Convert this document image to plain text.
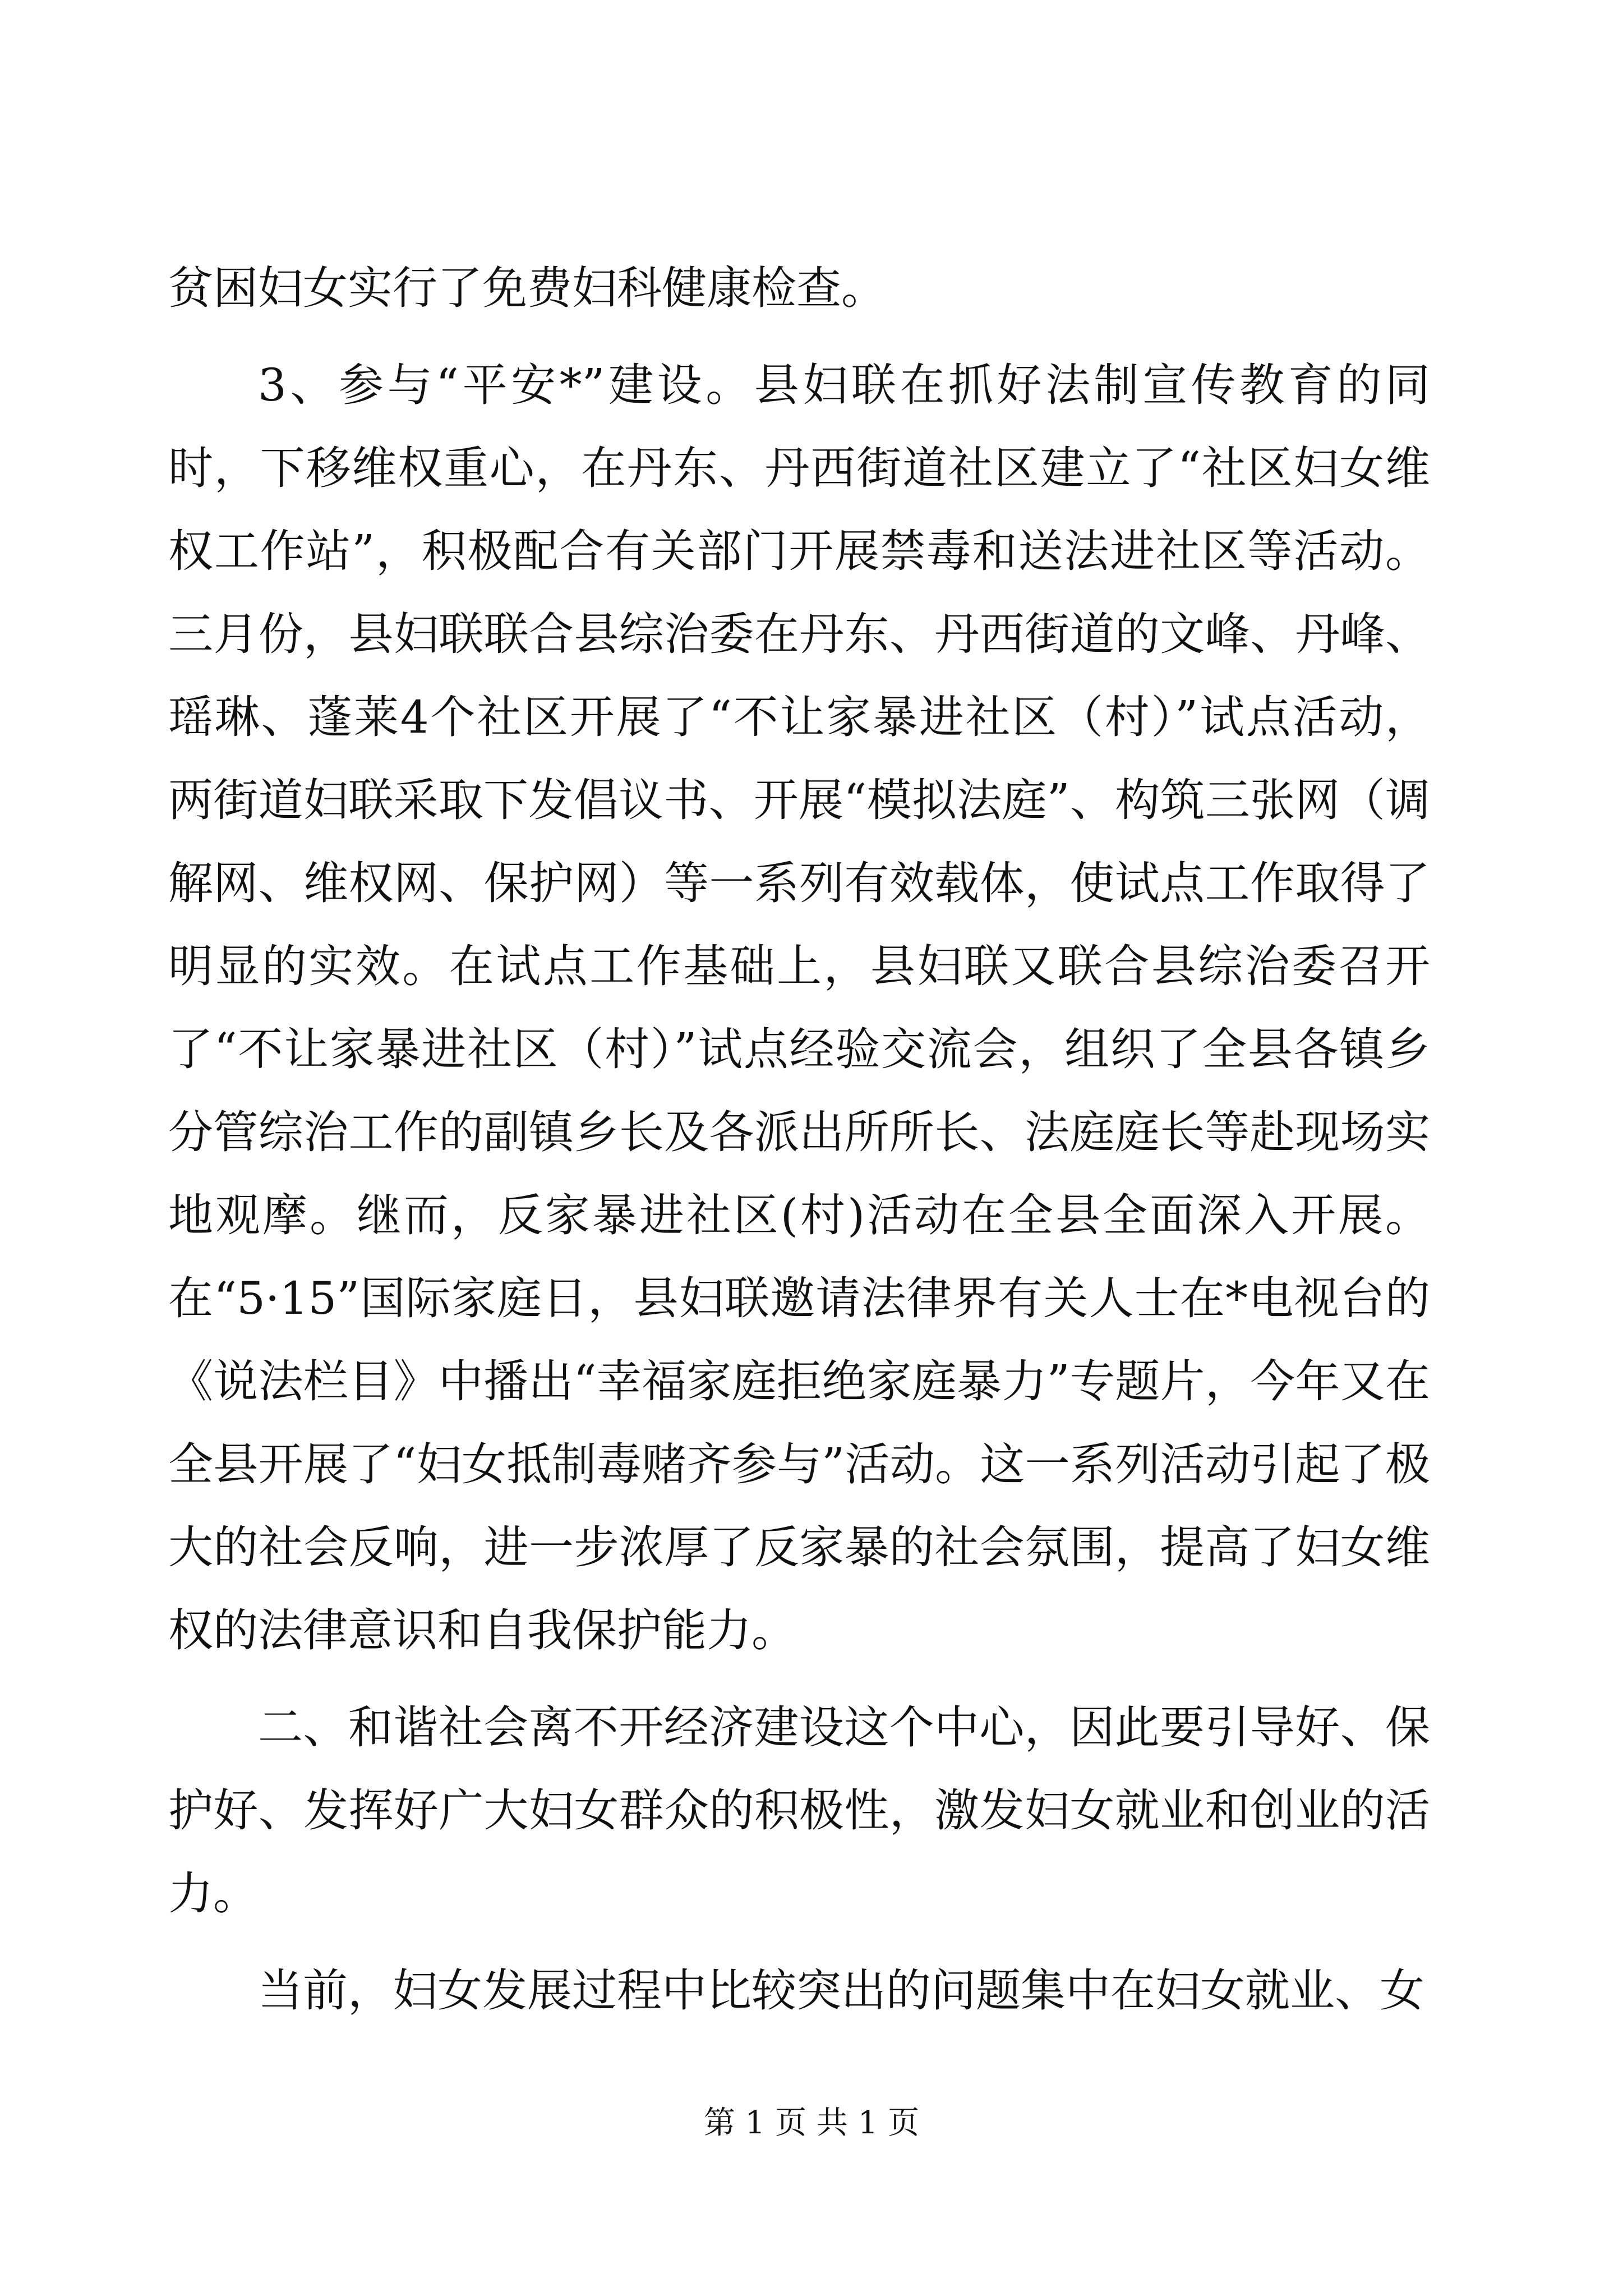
贫困妇女实行了免费妇科健康检查。

3、参与“平安*”建设。县妇联在抓好法制宣传教育的同时，下移维权重心，在丹东、丹西街道社区建立了“社区妇女维权工作站”，积极配合有关部门开展禁毒和送法进社区等活动。三月份，县妇联联合县综治委在丹东、丹西街道的文峰、丹峰、瑶琳、蓬莱4个社区开展了“不让家暴进社区（村）”试点活动，两街道妇联采取下发倡议书、开展“模拟法庭”、构筑三张网（调解网、维权网、保护网）等一系列有效载体，使试点工作取得了明显的实效。在试点工作基础上，县妇联又联合县综治委召开了“不让家暴进社区（村）”试点经验交流会，组织了全县各镇乡分管综治工作的副镇乡长及各派出所所长、法庭庭长等赴现场实地观摩。继而，反家暴进社区(村)活动在全县全面深入开展。在“5·15”国际家庭日，县妇联邀请法律界有关人士在*电视台的《说法栏目》中播出“幸福家庭拒绝家庭暴力”专题片，今年又在全县开展了“妇女抵制毒赌齐参与”活动。这一系列活动引起了极大的社会反响，进一步浓厚了反家暴的社会氛围，提高了妇女维权的法律意识和自我保护能力。

二、和谐社会离不开经济建设这个中心，因此要引导好、保护好、发挥好广大妇女群众的积极性，激发妇女就业和创业的活力。

当前，妇女发展过程中比较突出的问题集中在妇女就业、女

第 1 页 共 1 页
